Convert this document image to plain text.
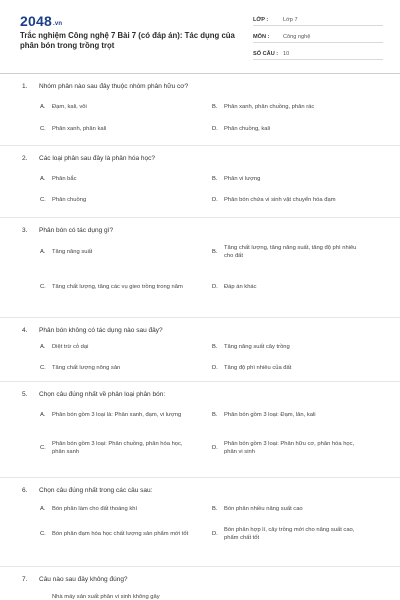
2048.vn
Trắc nghiệm Công nghệ 7 Bài 7 (có đáp án): Tác dụng của phân bón trong trồng trọt
LỚP :	Lớp 7
MÔN :	Công nghệ
SỐ CÂU : 10
1. Nhóm phân nào sau đây thuộc nhóm phân hữu cơ?
A.	Đạm, kali, vôi	B.	Phân xanh, phân chuồng, phân rác
C.	Phân xanh, phân kali	D.	Phân chuồng, kali
2. Các loại phân sau đây là phân hóa học?
A.	Phân bắc	B.	Phân vi lượng
C.	Phân chuồng	D.	Phân bón chứa vi sinh vật chuyển hóa đạm
3. Phân bón có tác dụng gì?
A.	Tăng năng suất	B.
Tăng chất lượng, tăng năng suất, tăng độ phì nhiêu cho đất
C.	Tăng chất lượng, tăng các vụ gieo trồng trong năm	D.	Đáp án khác
4. Phân bón không có tác dụng nào sau đây?
A.	Diệt trừ cỏ dại	B.	Tăng năng suất cây trồng
C.	Tăng chất lượng nông sản	D.	Tăng độ phì nhiêu của đất
5. Chọn câu đúng nhất về phân loại phân bón:
A.	Phân bón gồm 3 loại là: Phân xanh, đạm, vi lượng	B.	Phân bón gồm 3 loại: Đạm, lân, kali
C.
Phân bón gồm 3 loại: Phân chuồng, phân hóa học, phân xanh
D.
Phân bón gồm 3 loại: Phân hữu cơ, phân hóa học, phân vi sinh
6. Chọn câu đúng nhất trong các câu sau:
A.	Bón phân làm cho đất thoáng khí	B.	Bón phân nhiều năng suất cao
C.	Bón phân đạm hóa học chất lượng sản phẩm mới tốt	D.
Bón phân hợp lí, cây trồng mới cho năng suất cao, phẩm chất tốt
7. Câu nào sau đây không đúng?
Nhà máy sản xuất phân vi sinh không gây
